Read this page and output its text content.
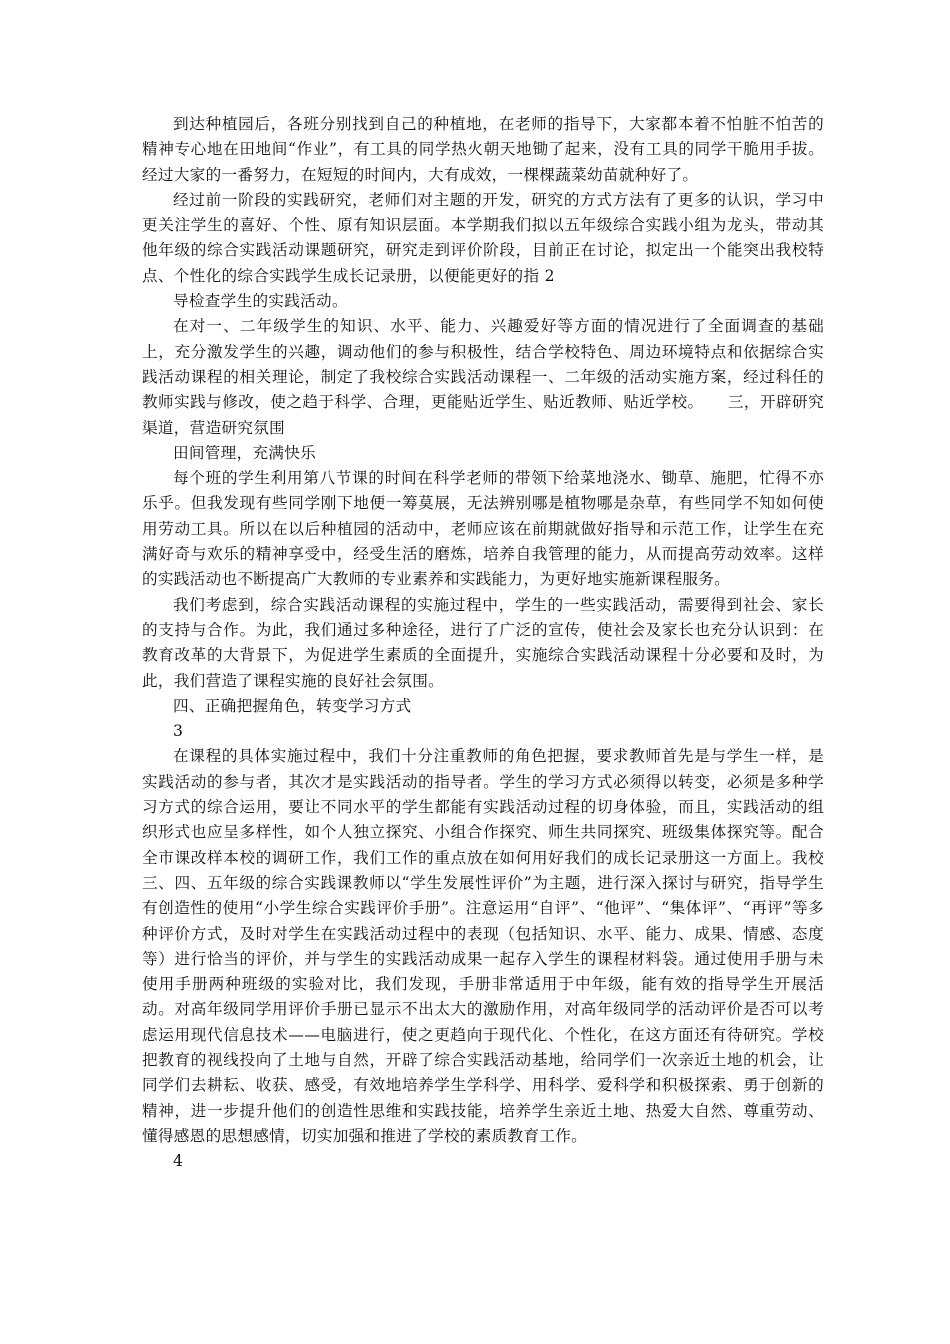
到达种植园后，各班分别找到自己的种植地，在老师的指导下，大家都本着不怕脏不怕苦的精神专心地在田地间“作业”，有工具的同学热火朝天地锄了起来，没有工具的同学干脆用手拔。经过大家的一番努力，在短短的时间内，大有成效，一棵棵蔬菜幼苗就种好了。

经过前一阶段的实践研究，老师们对主题的开发，研究的方式方法有了更多的认识，学习中更关注学生的喜好、个性、原有知识层面。本学期我们拟以五年级综合实践小组为龙头，带动其他年级的综合实践活动课题研究，研究走到评价阶段，目前正在讨论，拟定出一个能突出我校特点、个性化的综合实践学生成长记录册，以便能更好的指 2

导检查学生的实践活动。

在对一、二年级学生的知识、水平、能力、兴趣爱好等方面的情况进行了全面调查的基础上，充分激发学生的兴趣，调动他们的参与积极性，结合学校特色、周边环境特点和依据综合实践活动课程的相关理论，制定了我校综合实践活动课程一、二年级的活动实施方案，经过科任的教师实践与修改，使之趋于科学、合理，更能贴近学生、贴近教师、贴近学校。　　三，开辟研究渠道，营造研究氛围

田间管理，充满快乐

每个班的学生利用第八节课的时间在科学老师的带领下给菜地浇水、锄草、施肥，忙得不亦乐乎。但我发现有些同学刚下地便一筹莫展，无法辨别哪是植物哪是杂草，有些同学不知如何使用劳动工具。所以在以后种植园的活动中，老师应该在前期就做好指导和示范工作，让学生在充满好奇与欢乐的精神享受中，经受生活的磨炼，培养自我管理的能力，从而提高劳动效率。这样的实践活动也不断提高广大教师的专业素养和实践能力，为更好地实施新课程服务。

我们考虑到，综合实践活动课程的实施过程中，学生的一些实践活动，需要得到社会、家长的支持与合作。为此，我们通过多种途径，进行了广泛的宣传，使社会及家长也充分认识到：在教育改革的大背景下，为促进学生素质的全面提升，实施综合实践活动课程十分必要和及时，为此，我们营造了课程实施的良好社会氛围。

四、正确把握角色，转变学习方式

3

在课程的具体实施过程中，我们十分注重教师的角色把握，要求教师首先是与学生一样，是实践活动的参与者，其次才是实践活动的指导者。学生的学习方式必须得以转变，必须是多种学习方式的综合运用，要让不同水平的学生都能有实践活动过程的切身体验，而且，实践活动的组织形式也应呈多样性，如个人独立探究、小组合作探究、师生共同探究、班级集体探究等。配合全市课改样本校的调研工作，我们工作的重点放在如何用好我们的成长记录册这一方面上。我校三、四、五年级的综合实践课教师以“学生发展性评价”为主题，进行深入探讨与研究，指导学生有创造性的使用“小学生综合实践评价手册”。注意运用“自评”、“他评”、“集体评”、“再评”等多种评价方式，及时对学生在实践活动过程中的表现（包括知识、水平、能力、成果、情感、态度等）进行恰当的评价，并与学生的实践活动成果一起存入学生的课程材料袋。通过使用手册与未使用手册两种班级的实验对比，我们发现，手册非常适用于中年级，能有效的指导学生开展活动。对高年级同学用评价手册已显示不出太大的激励作用，对高年级同学的活动评价是否可以考虑运用现代信息技术——电脑进行，使之更趋向于现代化、个性化，在这方面还有待研究。学校把教育的视线投向了土地与自然，开辟了综合实践活动基地，给同学们一次亲近土地的机会，让同学们去耕耘、收获、感受，有效地培养学生学科学、用科学、爱科学和积极探索、勇于创新的精神，进一步提升他们的创造性思维和实践技能，培养学生亲近土地、热爱大自然、尊重劳动、懂得感恩的思想感情，切实加强和推进了学校的素质教育工作。

4
